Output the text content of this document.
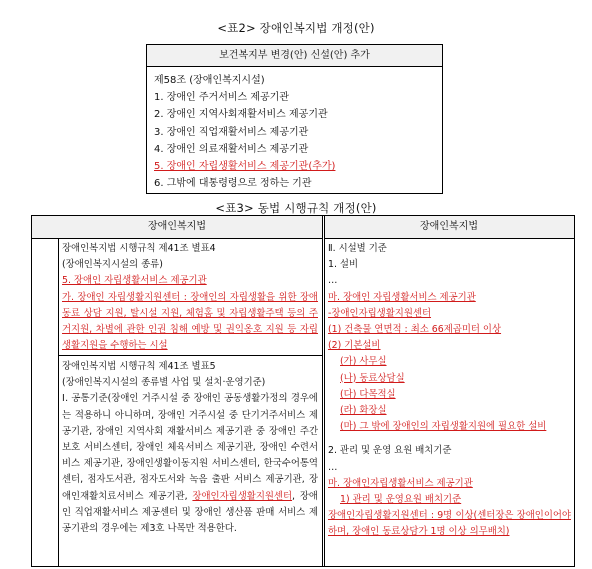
<표2> 장애인복지법 개정(안)
보건복지부 변경(안) 신설(안) 추가
제58조 (장애인복지시설)
1. 장애인 주거서비스 제공기관
2. 장애인 지역사회재활서비스 제공기관
3. 장애인 직업재활서비스 제공기관
4. 장애인 의료재활서비스 제공기관
5. 장애인 자립생활서비스 제공기관(추가)
6. 그밖에 대통령령으로 정하는 기관
<표3> 동법 시행규칙 개정(안)
장애인복지법	장애인복지법
장애인복지법 시행규칙 제41조 별표4
(장애인복지시설의 종류)
5. 장애인 자립생활서비스 제공기관
가. 장애인 자립생활지원센터 : 장애인의 자립생활을 위한 장애동료 상담 지원, 탈시설 지원, 체험홈 및 자립생활주택 등의 주거지원, 차별에 관한 인권 침해 예방 및 권익옹호 지원 등 자립생활지원을 수행하는 시설
장애인복지법 시행규칙 제41조 별표5
(장애인복지시설의 종류별 사업 및 설치·운영기준)
Ⅰ. 공통기준(장애인 거주시설 중 장애인 공동생활가정의 경우에는 적용하니 아니하며, 장애인 거주시설 중 단기거주서비스 제공기관, 장애인 지역사회 재활서비스 제공기관 중 장애인 주간보호 서비스센터, 장애인 체육서비스 제공기관, 장애인 수련서비스 제공기관, 장애인생활이동지원 서비스센터, 한국수어통역센터, 점자도서관, 점자도서와 녹음 출판 서비스 제공기관, 장애인재활치료서비스 제공기관, 장애인자립생활지원센터, 장애인 직업재활서비스 제공센터 및 장애인 생산품 판매 서비스 제공기관의 경우에는 제3호 나목만 적용한다.
Ⅱ. 시설별 기준
1. 설비
…
마. 장애인 자립생활서비스 제공기관
-장애인자립생활지원센터
(1) 건축물 연면적 : 최소 66제곱미터 이상
(2) 기본설비
(가) 사무실
(나) 동료상담실
(다) 다목적실
(라) 화장실
(마) 그 밖에 장애인의 자립생활지원에 필요한 설비
2. 관리 및 운영 요원 배치기준
…
마. 장애인자립생활서비스 제공기관
1) 관리 및 운영요원 배치기준
장애인자립생활지원센터 : 9명 이상(센터장은 장애인이어야 하며, 장애인 동료상담가 1명 이상 의무배치)
